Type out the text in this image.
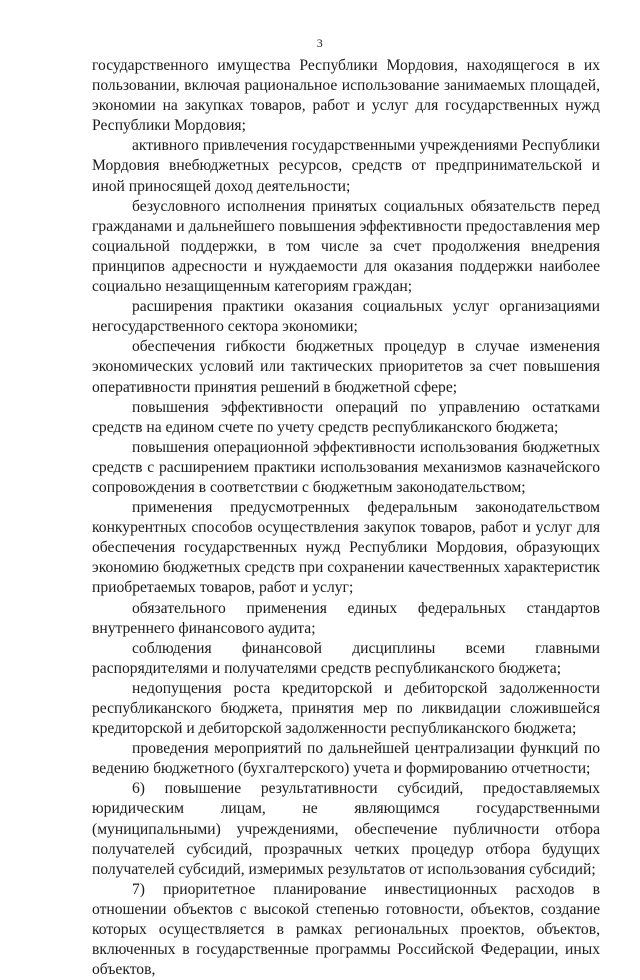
3

государственного имущества Республики Мордовия, находящегося в их пользовании, включая рациональное использование занимаемых площадей, экономии на закупках товаров, работ и услуг для государственных нужд Республики Мордовия;

активного привлечения государственными учреждениями Республики Мордовия внебюджетных ресурсов, средств от предпринимательской и иной приносящей доход деятельности;

безусловного исполнения принятых социальных обязательств перед гражданами и дальнейшего повышения эффективности предоставления мер социальной поддержки, в том числе за счет продолжения внедрения принципов адресности и нуждаемости для оказания поддержки наиболее социально незащищенным категориям граждан;

расширения практики оказания социальных услуг организациями негосударственного сектора экономики;

обеспечения гибкости бюджетных процедур в случае изменения экономических условий или тактических приоритетов за счет повышения оперативности принятия решений в бюджетной сфере;

повышения эффективности операций по управлению остатками средств на едином счете по учету средств республиканского бюджета;

повышения операционной эффективности использования бюджетных средств с расширением практики использования механизмов казначейского сопровождения в соответствии с бюджетным законодательством;

применения предусмотренных федеральным законодательством конкурентных способов осуществления закупок товаров, работ и услуг для обеспечения государственных нужд Республики Мордовия, образующих экономию бюджетных средств при сохранении качественных характеристик приобретаемых товаров, работ и услуг;

обязательного применения единых федеральных стандартов внутреннего финансового аудита;

соблюдения финансовой дисциплины всеми главными распорядителями и получателями средств республиканского бюджета;

недопущения роста кредиторской и дебиторской задолженности республиканского бюджета, принятия мер по ликвидации сложившейся кредиторской и дебиторской задолженности республиканского бюджета;

проведения мероприятий по дальнейшей централизации функций по ведению бюджетного (бухгалтерского) учета и формированию отчетности;

6) повышение результативности субсидий, предоставляемых юридическим лицам, не являющимся государственными (муниципальными) учреждениями, обеспечение публичности отбора получателей субсидий, прозрачных четких процедур отбора будущих получателей субсидий, измеримых результатов от использования субсидий;

7) приоритетное планирование инвестиционных расходов в отношении объектов с высокой степенью готовности, объектов, создание которых осуществляется в рамках региональных проектов, объектов, включенных в государственные программы Российской Федерации, иных объектов,
